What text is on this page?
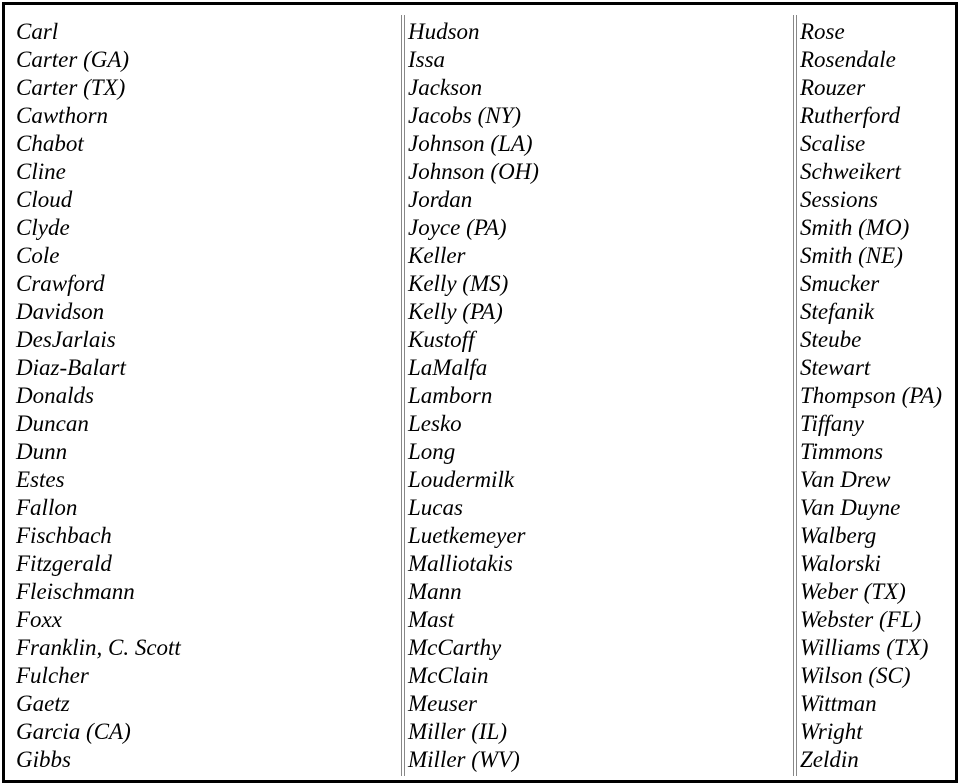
Carl
Carter (GA)
Carter (TX)
Cawthorn
Chabot
Cline
Cloud
Clyde
Cole
Crawford
Davidson
DesJarlais
Diaz-Balart
Donalds
Duncan
Dunn
Estes
Fallon
Fischbach
Fitzgerald
Fleischmann
Foxx
Franklin, C. Scott
Fulcher
Gaetz
Garcia (CA)
Gibbs
Hudson
Issa
Jackson
Jacobs (NY)
Johnson (LA)
Johnson (OH)
Jordan
Joyce (PA)
Keller
Kelly (MS)
Kelly (PA)
Kustoff
LaMalfa
Lamborn
Lesko
Long
Loudermilk
Lucas
Luetkemeyer
Malliotakis
Mann
Mast
McCarthy
McClain
Meuser
Miller (IL)
Miller (WV)
Rose
Rosendale
Rouzer
Rutherford
Scalise
Schweikert
Sessions
Smith (MO)
Smith (NE)
Smucker
Stefanik
Steube
Stewart
Thompson (PA)
Tiffany
Timmons
Van Drew
Van Duyne
Walberg
Walorski
Weber (TX)
Webster (FL)
Williams (TX)
Wilson (SC)
Wittman
Wright
Zeldin
